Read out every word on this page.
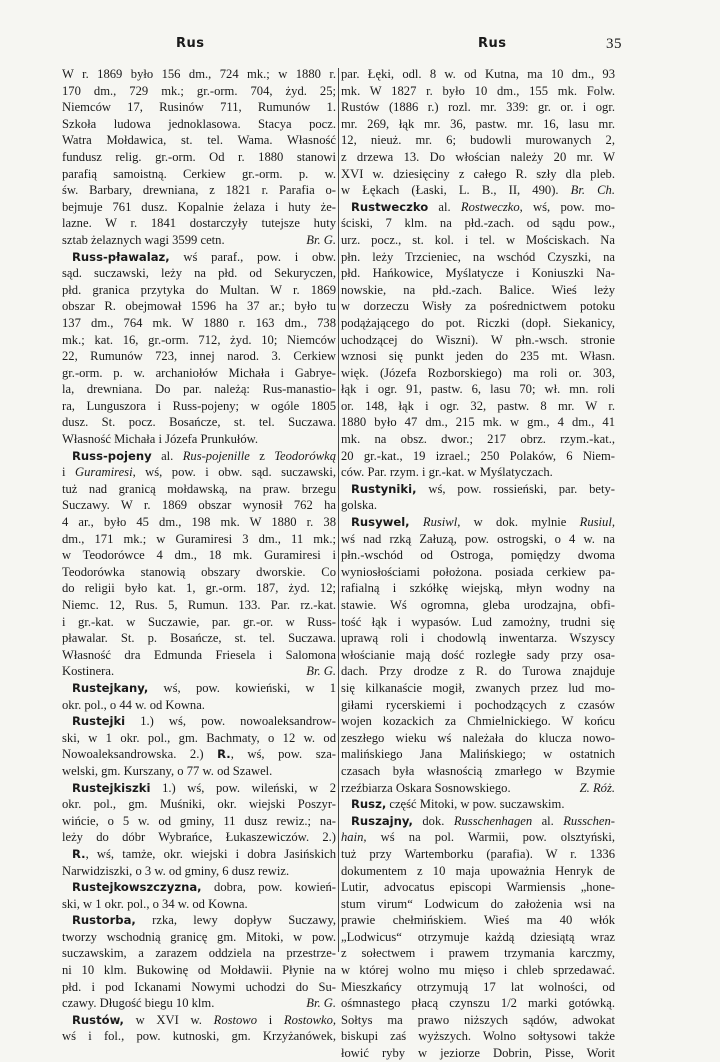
Rus	Rus	35
W r. 1869 było 156 dm., 724 mk.; w 1880 r.
170 dm., 729 mk.; gr.-orm. 704, żyd. 25;
Niemców 17, Rusinów 711, Rumunów 1.
Szkoła ludowa jednoklasowa. Stacya pocz.
Watra Mołdawica, st. tel. Wama. Własność
fundusz relig. gr.-orm. Od r. 1880 stanowi
parafią samoistną. Cerkiew gr.-orm. p. w.
św. Barbary, drewniana, z 1821 r. Parafia o-
bejmuje 761 dusz. Kopalnie żelaza i huty że-
lazne. W r. 1841 dostarczyły tutejsze huty
sztab żelaznych wagi 3599 cetn.	Br. G.
Russ-pławalaz, wś paraf., pow. i obw.
sąd. suczawski, leży na płd. od Sekuryczen,
płd. granica przytyka do Multan. W r. 1869
obszar R. obejmował 1596 ha 37 ar.; było tu
137 dm., 764 mk. W 1880 r. 163 dm., 738
mk.; kat. 16, gr.-orm. 712, żyd. 10; Niemców
22, Rumunów 723, innej narod. 3. Cerkiew
gr.-orm. p. w. archaniołów Michała i Gabryе-
la, drewniana. Do par. należą: Rus-manastio-
ra, Lunguszora i Russ-pojeny; w ogóle 1805
dusz. St. pocz. Bosańcze, st. tel. Suczawa.
Własność Michała i Józefa Prunkułów.
Russ-pojeny al. Rus-pojenille z Teodorówką
i Guramiresi, wś, pow. i obw. sąd. suczawski,
tuż nad granicą mołdawską, na praw. brzegu
Suczawy. W r. 1869 obszar wynosił 762 ha
4 ar., było 45 dm., 198 mk. W 1880 r. 38
dm., 171 mk.; w Guramiresi 3 dm., 11 mk.;
w Teodorówce 4 dm., 18 mk. Guramiresi i
Teodorówka stanowią obszary dworskie. Co
do religii było kat. 1, gr.-orm. 187, żyd. 12;
Niemc. 12, Rus. 5, Rumun. 133. Par. rz.-kat.
i gr.-kat. w Suczawie, par. gr.-or. w Russ-
pławalar. St. p. Bosańcze, st. tel. Suczawa.
Własność dra Edmunda Friesela i Salomona
Kostinera.	Br. G.
Rustejkany, wś, pow. kowieński, w 1
okr. pol., o 44 w. od Kowna.
Rustejki 1.) wś, pow. nowoaleksandrow-
ski, w 1 okr. pol., gm. Bachmaty, o 12 w. od
Nowoaleksandrowska. 2.) R., wś, pow. sza-
welski, gm. Kurszany, o 77 w. od Szawel.
Rustejkiszki 1.) wś, pow. wileński, w 2
okr. pol., gm. Muśniki, okr. wiejski Poszyr-
wińcie, o 5 w. od gminy, 11 dusz rewiz.; na-
leży do dóbr Wybrańce, Łukaszewiczów. 2.)
R., wś, tamże, okr. wiejski i dobra Jasińskich
Narwidziszki, o 3 w. od gminy, 6 dusz rewiz.
Rustejkowszczyzna, dobra, pow. kowień-
ski, w 1 okr. pol., o 34 w. od Kowna.
Rustorba, rzka, lewy dopływ Suczawy,
tworzy wschodnią granicę gm. Mitoki, w pow.
suczawskim, a zarazem oddziela na przestrze-
ni 10 klm. Bukowinę od Mołdawii. Płynie na
płd. i pod Ickanami Nowymi uchodzi do Su-
czawy. Długość biegu 10 klm.	Br. G.
Rustów, w XVI w. Rostowo i Rostowko,
wś i fol., pow. kutnoski, gm. Krzyżanówek,
par. Łęki, odl. 8 w. od Kutna, ma 10 dm., 93
mk. W 1827 r. było 10 dm., 155 mk. Folw.
Rustów (1886 r.) rozl. mr. 339: gr. or. i ogr.
mr. 269, łąk mr. 36, pastw. mr. 16, lasu mr.
12, nieuż. mr. 6; budowli murowanych 2,
z drzewa 13. Do włościan należy 20 mr. W
XVI w. dziesięciny z całego R. szły dla pleb.
w Łękach (Łaski, L. B., II, 490). Br. Ch.
Rustweczko al. Rostweczko, wś, pow. mo-
ściski, 7 klm. na płd.-zach. od sądu pow.,
urz. pocz., st. kol. i tel. w Mościskach. Na
płn. leży Trzcieniec, na wschód Czyszki, na
płd. Hańkowice, Myślatycze i Koniuszki Na-
nowskie, na płd.-zach. Balice. Wieś leży
w dorzeczu Wisły za pośrednictwem potoku
podążającego do pot. Riczki (dopł. Siekanicy,
uchodzącej do Wiszni). W płn.-wsch. stronie
wznosi się punkt jeden do 235 mt. Własn.
więk. (Józefa Rozborskiego) ma roli or. 303,
łąk i ogr. 91, pastw. 6, lasu 70; wł. mn. roli
or. 148, łąk i ogr. 32, pastw. 8 mr. W r.
1880 było 47 dm., 215 mk. w gm., 4 dm., 41
mk. na obsz. dwor.; 217 obrz. rzym.-kat.,
20 gr.-kat., 19 izrael.; 250 Polaków, 6 Niem-
ców. Par. rzym. i gr.-kat. w Myślatyczach.
Rustyniki, wś, pow. rossieński, par. bety-
golska.
Rusywel, Rusiwl, w dok. mylnie Rusiul,
wś nad rzką Załuzą, pow. ostrogski, o 4 w. na
płn.-wschód od Ostroga, pomiędzy dwoma
wyniosłościami położona. posiada cerkiew pa-
rafialną i szkółkę wiejską, młyn wodny na
stawie. Wś ogromna, gleba urodzajna, obfi-
tość łąk i wypasów. Lud zamożny, trudni się
uprawą roli i chodowlą inwentarza. Wszyscy
włościanie mają dość rozległe sady przy osa-
dach. Przy drodze z R. do Turowa znajduje
się kilkanaście mogił, zwanych przez lud mo-
giłami rycerskiemi i pochodzących z czasów
wojen kozackich za Chmielnickiego. W końcu
zeszłego wieku wś należała do klucza nowo-
malińskiego Jana Malińskiego; w ostatnich
czasach była własnością zmarłego w Bzymie
rzeźbiarza Oskara Sosnowskiego.	Z. Róż.
Rusz, część Mitoki, w pow. suczawskim.
Ruszajny, dok. Russchenhagen al. Russchen-
hain, wś na pol. Warmii, pow. olsztyński,
tuż przy Wartemborku (parafia). W r. 1336
dokumentem z 10 maja upoważnia Henryk de
Lutir, advocatus episcopi Warmiensis „hone-
stum virum“ Lodwicum do założenia wsi na
prawie chełmińskiem. Wieś ma 40 włók
„Lodwicus“ otrzymuje każdą dziesiątą wraz
z sołectwem i prawem trzymania karczmy,
w której wolno mu mięso i chleb sprzedawać.
Mieszkańcy otrzymują 17 lat wolności, od
ośmnastego płacą czynszu 1/2 marki gotówką.
Sołtys ma prawo niższych sądów, adwokat
biskupi zaś wyższych. Wolno sołtysowi także
łowić ryby w jeziorze Dobrin, Pisse, Worit
